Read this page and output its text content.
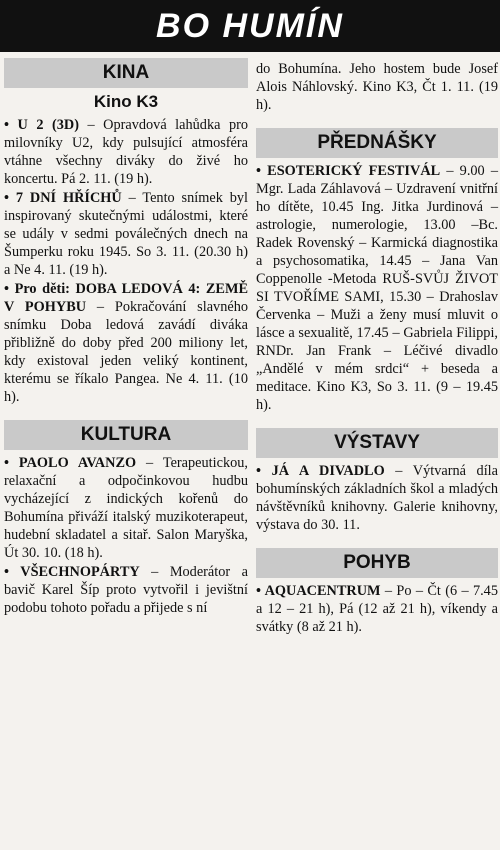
BO HUMÍN
KINA
Kino K3

• U 2 (3D) – Opravdová lahůdka pro milovníky U2, kdy pulsující atmosféra vtáhne všechny diváky do živé ho koncertu. Pá 2. 11. (19 h).

• 7 DNÍ HŘÍCHŮ – Tento snímek byl inspirovaný skutečnými událostmi, které se udály v sedmi poválečných dnech na Šumperku roku 1945. So 3. 11. (20.30 h) a Ne 4. 11. (19 h).

• Pro děti: DOBA LEDOVÁ 4: ZEMĚ V POHYBU – Pokračování slavného snímku Doba ledová zavádí diváka přibližně do doby před 200 miliony let, kdy existoval jeden veliký kontinent, kterému se říkalo Pangea. Ne 4. 11. (10 h).

KULTURA

• PAOLO AVANZO – Terapeutickou, relaxační a odpočinkovou hudbu vycházející z indických kořenů do Bohumína přiváží italský muzikoterapeut, hudební skladatel a sitař. Salon Maryška, Út 30. 10. (18 h).

• VŠECHNOPÁRTY – Moderátor a bavič Karel Šíp proto vytvořil i jevištní podobu tohoto pořadu a přijede s ní

do Bohumína. Jeho hostem bude Josef Alois Náhlovský. Kino K3, Čt 1. 11. (19 h).

PŘEDNÁŠKY

• ESOTERICKÝ FESTIVÁL – 9.00 – Mgr. Lada Záhlavová – Uzdravení vnitřní ho dítěte, 10.45 Ing. Jitka Jurdinová – astrologie, numerologie, 13.00 –Bc. Radek Rovenský – Karmická diagnostika a psychosomatika, 14.45 – Jana Van Coppenolle -Metoda RUŠ-SVŮJ ŽIVOT SI TVOŘÍME SAMI, 15.30 – Drahoslav Červenka – Muži a ženy musí mluvit o lásce a sexualitě, 17.45 – Gabriela Filippi, RNDr. Jan Frank – Léčivé divadlo „Andělé v mém srdci“ + beseda a meditace. Kino K3, So 3. 11. (9 – 19.45 h).

VÝSTAVY

• JÁ A DIVADLO – Výtvarná díla bohumínských základních škol a mladých návštěvníků knihovny. Galerie knihovny, výstava do 30. 11.

POHYB

• AQUACENTRUM – Po – Čt (6 – 7.45 a 12 – 21 h), Pá (12 až 21 h), víkendy a svátky (8 až 21 h).
